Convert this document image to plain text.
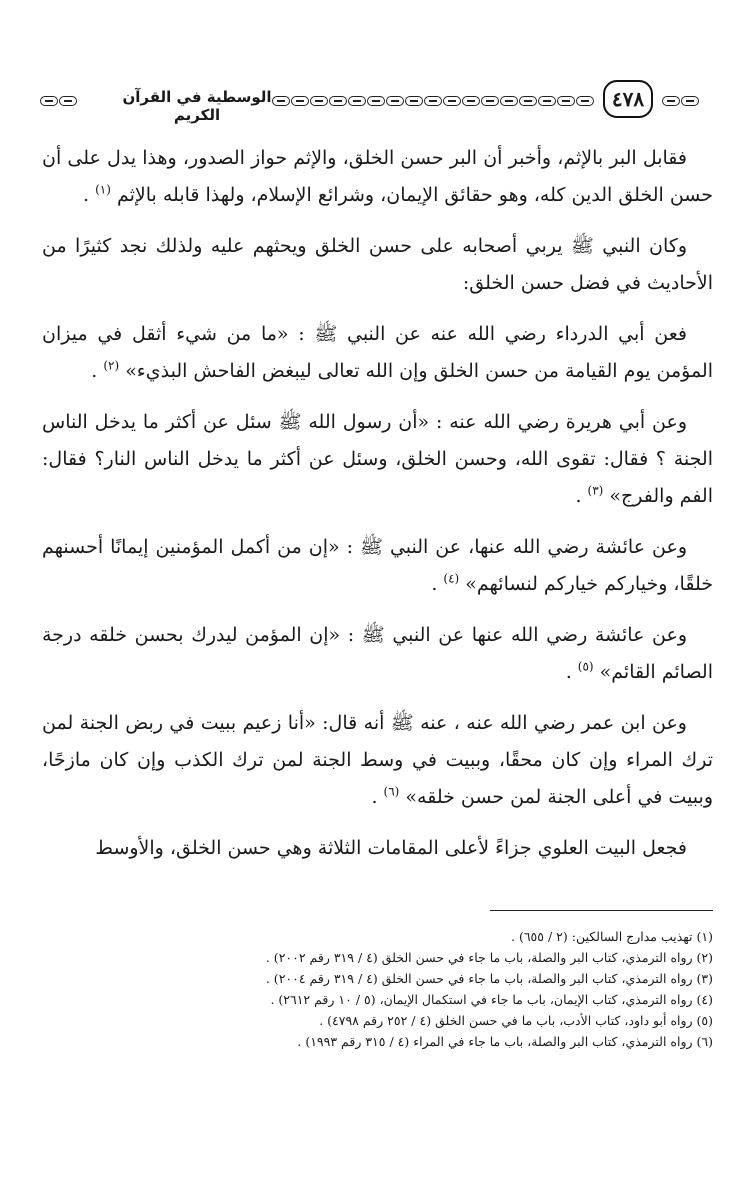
الوسطية في القرآن الكريم
٤٧٨

فقابل البر بالإثم، وأخبر أن البر حسن الخلق، والإثم حواز الصدور، وهذا يدل على أن حسن الخلق الدين كله، وهو حقائق الإيمان، وشرائع الإسلام، ولهذا قابله بالإثم $^{(١)}$ .

وكان النبي ﷺ يربي أصحابه على حسن الخلق ويحثهم عليه ولذلك نجد كثيرًا من الأحاديث في فضل حسن الخلق:

فعن أبي الدرداء رضي الله عنه عن النبي ﷺ : «ما من شيء أثقل في ميزان المؤمن يوم القيامة من حسن الخلق وإن الله تعالى ليبغض الفاحش البذيء» $^{(٢)}$ .

وعن أبي هريرة رضي الله عنه : «أن رسول الله ﷺ سئل عن أكثر ما يدخل الناس الجنة ؟ فقال: تقوى الله، وحسن الخلق، وسئل عن أكثر ما يدخل الناس النار؟ فقال: الفم والفرج» $^{(٣)}$ .

وعن عائشة رضي الله عنها، عن النبي ﷺ : «إن من أكمل المؤمنين إيمانًا أحسنهم خلقًا، وخياركم خياركم لنسائهم» $^{(٤)}$ .

وعن عائشة رضي الله عنها عن النبي ﷺ : «إن المؤمن ليدرك بحسن خلقه درجة الصائم القائم» $^{(٥)}$ .

وعن ابن عمر رضي الله عنه ، عنه ﷺ أنه قال: «أنا زعيم ببيت في ربض الجنة لمن ترك المراء وإن كان محقًا، وببيت في وسط الجنة لمن ترك الكذب وإن كان مازحًا، وببيت في أعلى الجنة لمن حسن خلقه» $^{(٦)}$ .

فجعل البيت العلوي جزاءً لأعلى المقامات الثلاثة وهي حسن الخلق، والأوسط

(١) تهذيب مدارج السالكين: (٢ / ٦٥٥) .

(٢) رواه الترمذي، كتاب البر والصلة، باب ما جاء في حسن الخلق (٤ / ٣١٩ رقم ٢٠٠٢) .

(٣) رواه الترمذي، كتاب البر والصلة، باب ما جاء في حسن الخلق (٤ / ٣١٩ رقم ٢٠٠٤) .

(٤) رواه الترمذي، كتاب الإيمان، باب ما جاء في استكمال الإيمان، (٥ / ١٠ رقم ٢٦١٢) .

(٥) رواه أبو داود، كتاب الأدب، باب ما في حسن الخلق (٤ / ٢٥٢ رقم ٤٧٩٨) .

(٦) رواه الترمذي، كتاب البر والصلة، باب ما جاء في المراء (٤ / ٣١٥ رقم ١٩٩٣) .
